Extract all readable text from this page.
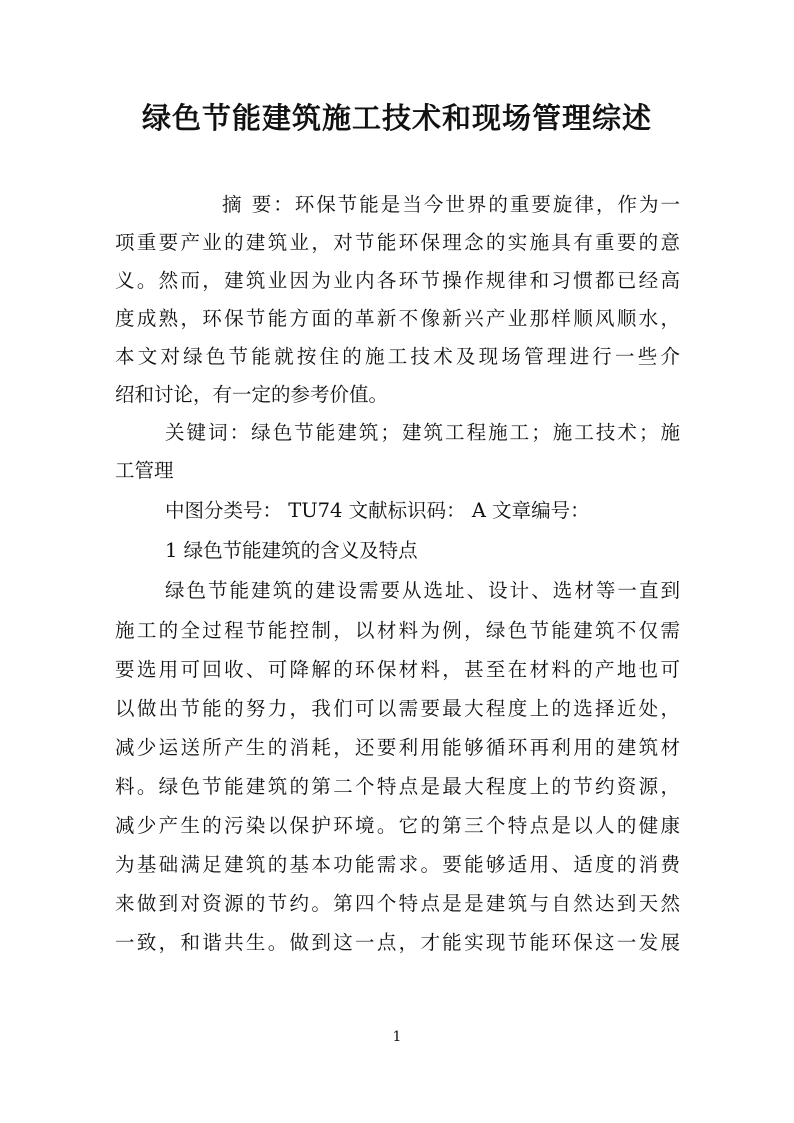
绿色节能建筑施工技术和现场管理综述

摘 要：环保节能是当今世界的重要旋律，作为一

项重要产业的建筑业，对节能环保理念的实施具有重要的意

义。然而，建筑业因为业内各环节操作规律和习惯都已经高

度成熟，环保节能方面的革新不像新兴产业那样顺风顺水，

本文对绿色节能就按住的施工技术及现场管理进行一些介

绍和讨论，有一定的参考价值。

关键词：绿色节能建筑；建筑工程施工；施工技术；施

工管理

中图分类号： TU74 文献标识码： A 文章编号：

1 绿色节能建筑的含义及特点

绿色节能建筑的建设需要从选址、设计、选材等一直到

施工的全过程节能控制，以材料为例，绿色节能建筑不仅需

要选用可回收、可降解的环保材料，甚至在材料的产地也可

以做出节能的努力，我们可以需要最大程度上的选择近处，

减少运送所产生的消耗，还要利用能够循环再利用的建筑材

料。绿色节能建筑的第二个特点是最大程度上的节约资源，

减少产生的污染以保护环境。它的第三个特点是以人的健康

为基础满足建筑的基本功能需求。要能够适用、适度的消费

来做到对资源的节约。第四个特点是是建筑与自然达到天然

一致，和谐共生。做到这一点，才能实现节能环保这一发展

1
